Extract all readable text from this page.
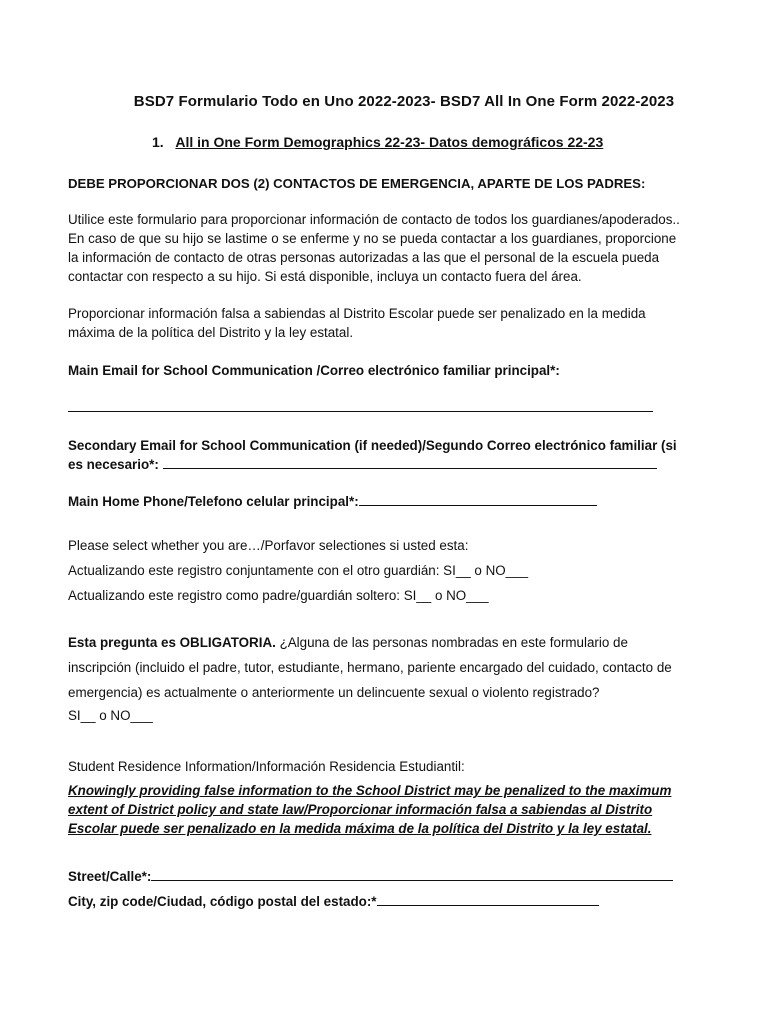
BSD7 Formulario Todo en Uno 2022-2023- BSD7 All In One Form 2022-2023
1. All in One Form Demographics 22-23- Datos demográficos 22-23
DEBE PROPORCIONAR DOS (2) CONTACTOS DE EMERGENCIA, APARTE DE LOS PADRES:
Utilice este formulario para proporcionar información de contacto de todos los guardianes/apoderados..
En caso de que su hijo se lastime o se enferme y no se pueda contactar a los guardianes, proporcione
la información de contacto de otras personas autorizadas a las que el personal de la escuela pueda
contactar con respecto a su hijo. Si está disponible, incluya un contacto fuera del área.
Proporcionar información falsa a sabiendas al Distrito Escolar puede ser penalizado en la medida
máxima de la política del Distrito y la ley estatal.
Main Email for School Communication /Correo electrónico familiar principal*:
Secondary Email for School Communication (if needed)/Segundo Correo electrónico familiar (si
es necesario*:
Main Home Phone/Telefono celular principal*:
Please select whether you are…/Porfavor selectiones si usted esta:
Actualizando este registro conjuntamente con el otro guardián: SI__ o NO___
Actualizando este registro como padre/guardián soltero: SI__ o NO___
Esta pregunta es OBLIGATORIA. ¿Alguna de las personas nombradas en este formulario de
inscripción (incluido el padre, tutor, estudiante, hermano, pariente encargado del cuidado, contacto de
emergencia) es actualmente o anteriormente un delincuente sexual o violento registrado?
SI__ o NO___
Student Residence Information/Información Residencia Estudiantil:
Knowingly providing false information to the School District may be penalized to the maximum
extent of District policy and state law/Proporcionar información falsa a sabiendas al Distrito
Escolar puede ser penalizado en la medida máxima de la política del Distrito y la ley estatal.
Street/Calle*:
City, zip code/Ciudad, código postal del estado:*
